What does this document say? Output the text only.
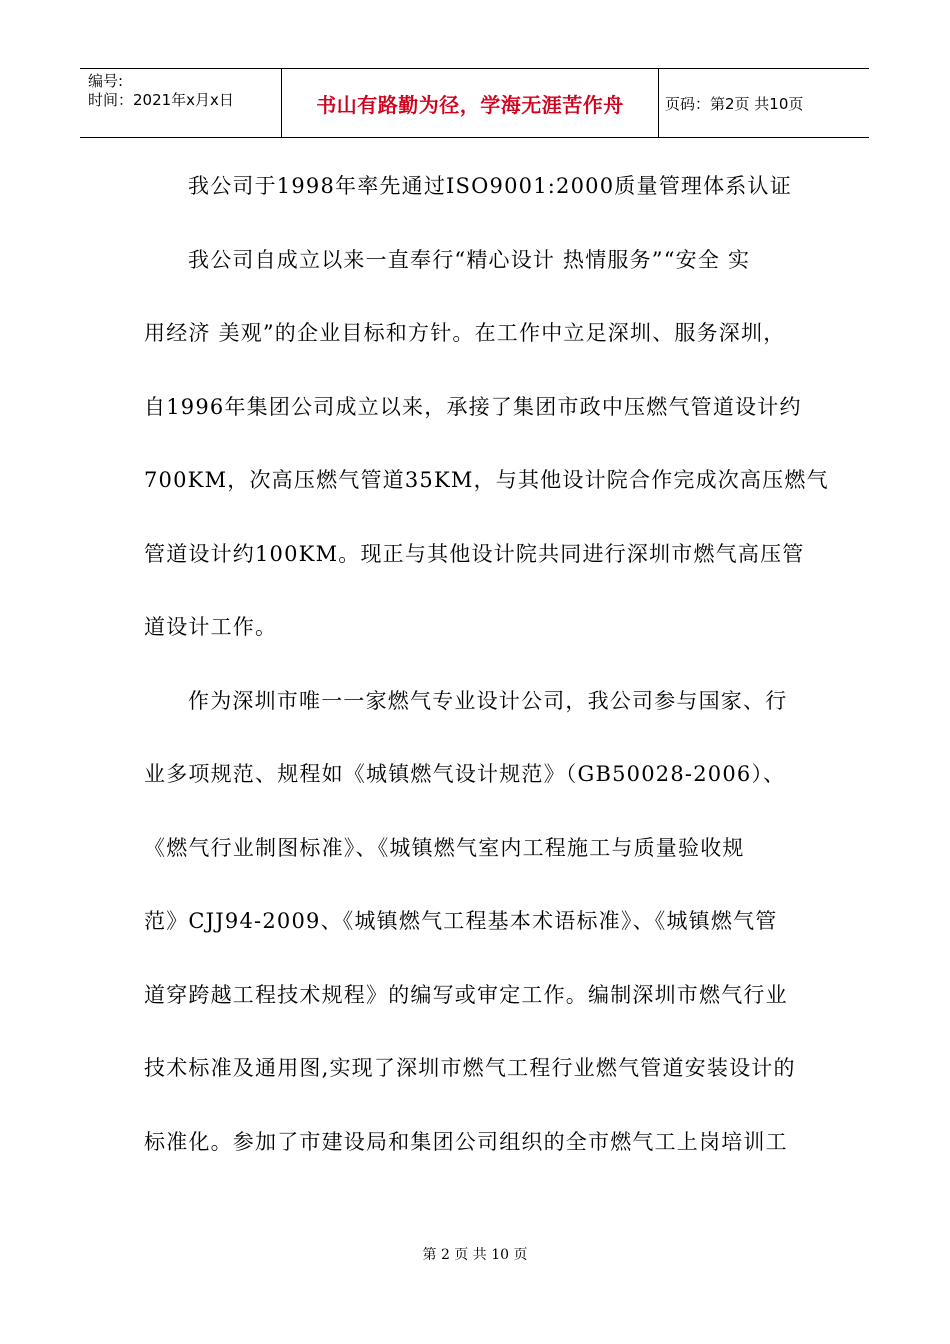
编号:
时间：2021年x月x日	书山有路勤为径，学海无涯苦作舟	页码：第2页 共10页
我公司于1998年率先通过ISO9001:2000质量管理体系认证
我公司自成立以来一直奉行“精心设计 热情服务”“安全 实
用经济 美观”的企业目标和方针。在工作中立足深圳、服务深圳，
自1996年集团公司成立以来，承接了集团市政中压燃气管道设计约
700KM，次高压燃气管道35KM，与其他设计院合作完成次高压燃气
管道设计约100KM。现正与其他设计院共同进行深圳市燃气高压管
道设计工作。
作为深圳市唯一一家燃气专业设计公司，我公司参与国家、行
业多项规范、规程如《城镇燃气设计规范》（GB50028-2006）、
《燃气行业制图标准》、《城镇燃气室内工程施工与质量验收规
范》CJJ94-2009、《城镇燃气工程基本术语标准》、《城镇燃气管
道穿跨越工程技术规程》的编写或审定工作。编制深圳市燃气行业
技术标准及通用图,实现了深圳市燃气工程行业燃气管道安装设计的
标准化。参加了市建设局和集团公司组织的全市燃气工上岗培训工
第 2 页 共 10 页
